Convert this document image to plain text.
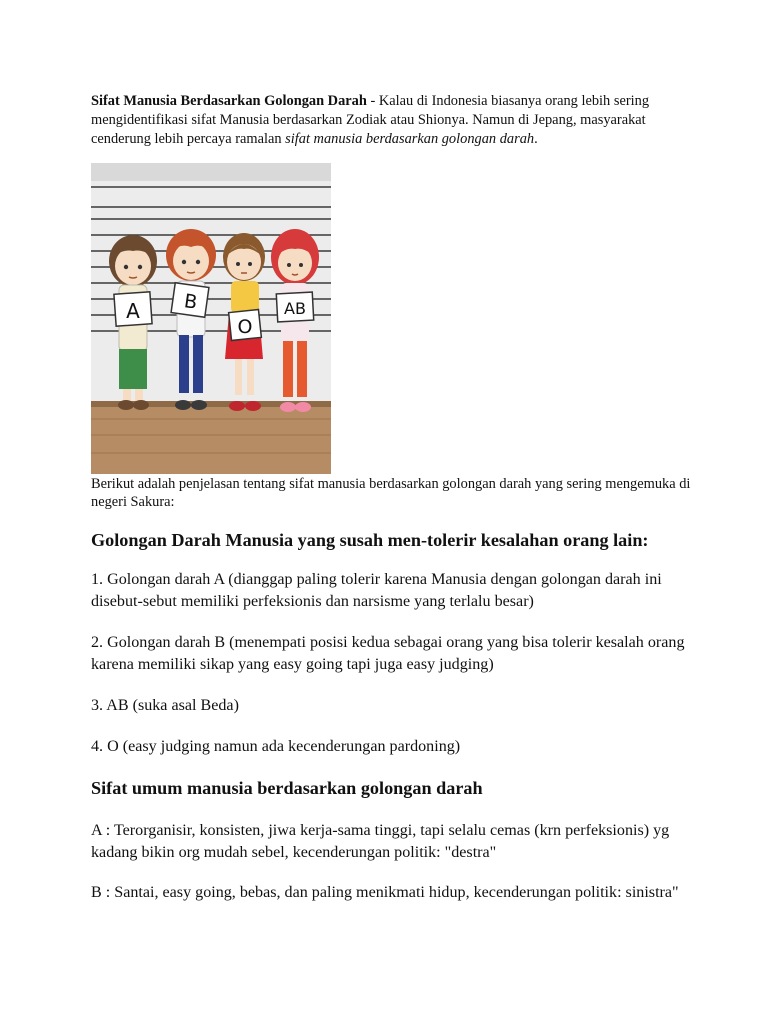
Sifat Manusia Berdasarkan Golongan Darah - Kalau di Indonesia biasanya orang lebih sering mengidentifikasi sifat Manusia berdasarkan Zodiak atau Shionya. Namun di Jepang, masyarakat cenderung lebih percaya ramalan sifat manusia berdasarkan golongan darah.

A B
O
AB

Berikut adalah penjelasan tentang sifat manusia berdasarkan golongan darah yang sering mengemuka di negeri Sakura:

Golongan Darah Manusia yang susah men-tolerir kesalahan orang lain:

1. Golongan darah A (dianggap paling tolerir karena Manusia dengan golongan darah ini disebut-sebut memiliki perfeksionis dan narsisme yang terlalu besar)

2. Golongan darah B (menempati posisi kedua sebagai orang yang bisa tolerir kesalah orang karena memiliki sikap yang easy going tapi juga easy judging)

3. AB (suka asal Beda)

4. O (easy judging namun ada kecenderungan pardoning)

Sifat umum manusia berdasarkan golongan darah

A : Terorganisir, konsisten, jiwa kerja-sama tinggi, tapi selalu cemas (krn perfeksionis) yg kadang bikin org mudah sebel, kecenderungan politik: "destra"

B : Santai, easy going, bebas, dan paling menikmati hidup, kecenderungan politik: sinistra"
